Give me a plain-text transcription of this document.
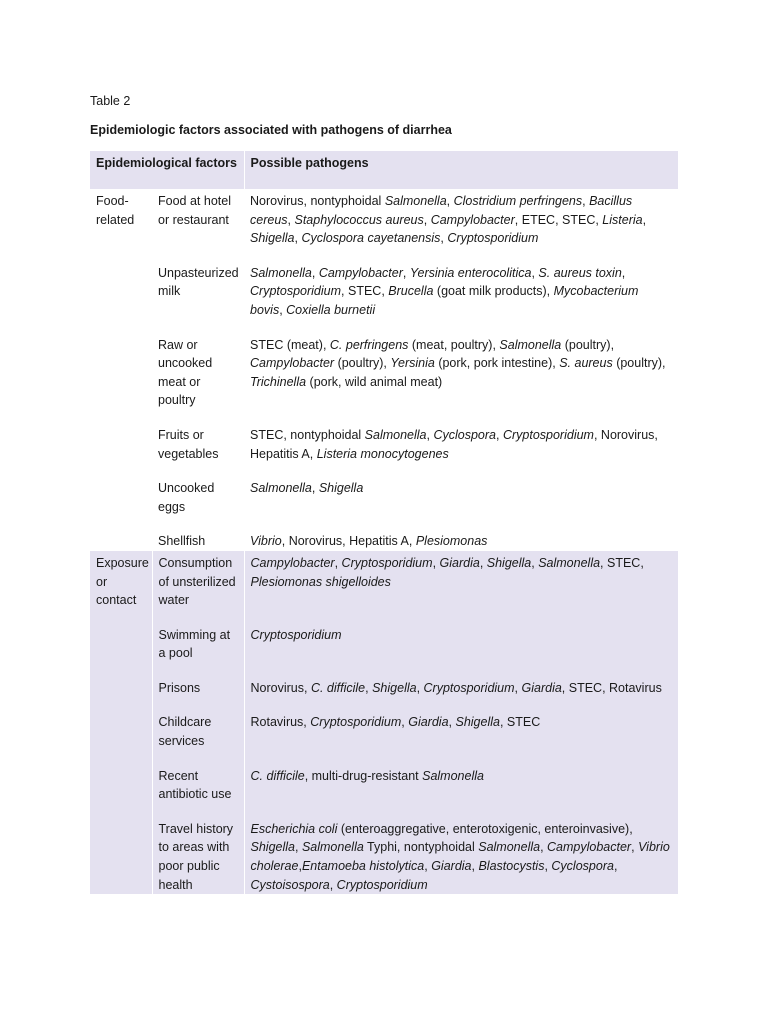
Table 2
Epidemiologic factors associated with pathogens of diarrhea
Epidemiological factors		Possible pathogens
Food-related	Food at hotel or restaurant	Norovirus, nontyphoidal Salmonella, Clostridium perfringens, Bacillus cereus, Staphylococcus aureus, Campylobacter, ETEC, STEC, Listeria, Shigella, Cyclospora cayetanensis, Cryptosporidium
	Unpasteurized milk	Salmonella, Campylobacter, Yersinia enterocolitica, S. aureus toxin, Cryptosporidium, STEC, Brucella (goat milk products), Mycobacterium bovis, Coxiella burnetii
	Raw or uncooked meat or poultry	STEC (meat), C. perfringens (meat, poultry), Salmonella (poultry), Campylobacter (poultry), Yersinia (pork, pork intestine), S. aureus (poultry), Trichinella (pork, wild animal meat)
	Fruits or vegetables	STEC, nontyphoidal Salmonella, Cyclospora, Cryptosporidium, Norovirus, Hepatitis A, Listeria monocytogenes
	Uncooked eggs	Salmonella, Shigella
	Shellfish	Vibrio, Norovirus, Hepatitis A, Plesiomonas
Exposure or contact	Consumption of unsterilized water	Campylobacter, Cryptosporidium, Giardia, Shigella, Salmonella, STEC, Plesiomonas shigelloides
	Swimming at a pool	Cryptosporidium
	Prisons	Norovirus, C. difficile, Shigella, Cryptosporidium, Giardia, STEC, Rotavirus
	Childcare services	Rotavirus, Cryptosporidium, Giardia, Shigella, STEC
	Recent antibiotic use	C. difficile, multi-drug-resistant Salmonella
	Travel history to areas with poor public health	Escherichia coli (enteroaggregative, enterotoxigenic, enteroinvasive), Shigella, Salmonella Typhi, nontyphoidal Salmonella, Campylobacter, Vibrio cholerae,Entamoeba histolytica, Giardia, Blastocystis, Cyclospora, Cystoisospora, Cryptosporidium
